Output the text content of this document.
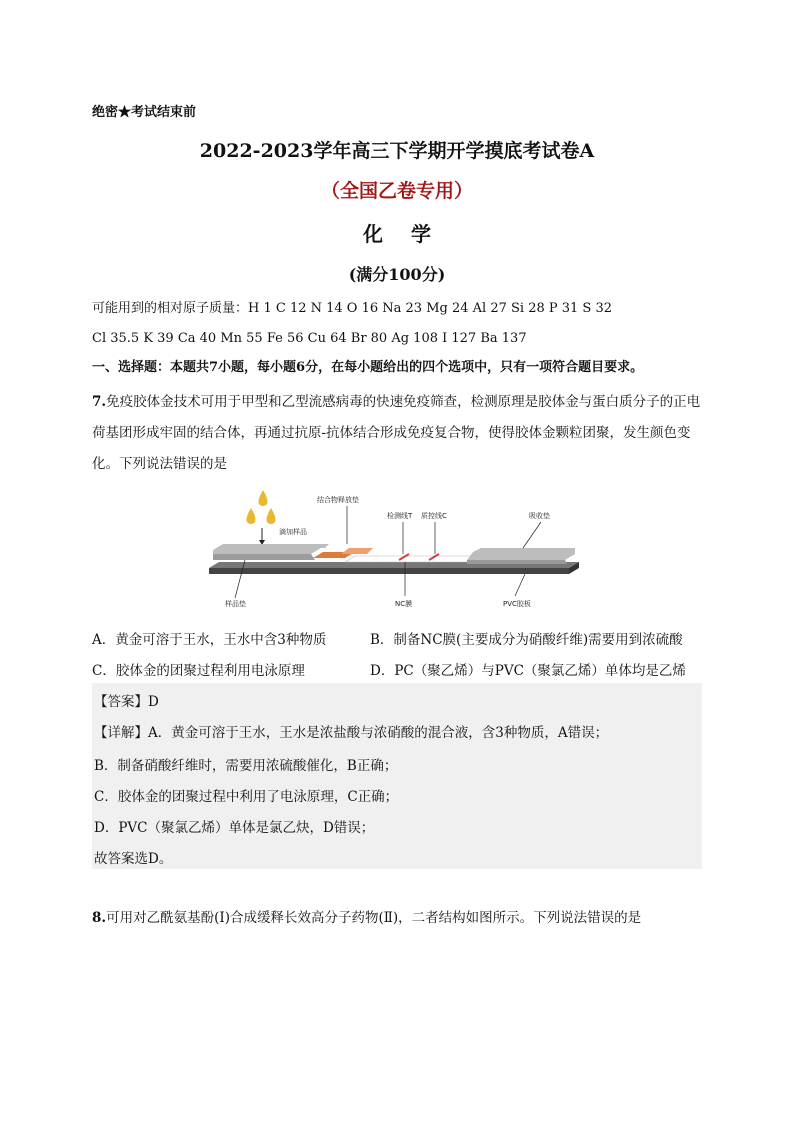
绝密★考试结束前
2022-2023学年高三下学期开学摸底考试卷A
（全国乙卷专用）
化学
(满分100分)
可能用到的相对原子质量：H 1 C 12 N 14 O 16 Na 23 Mg 24 Al 27 Si 28 P 31 S 32
Cl 35.5 K 39 Ca 40 Mn 55 Fe 56 Cu 64 Br 80 Ag 108 I 127 Ba 137
一、选择题：本题共7小题，每小题6分，在每小题给出的四个选项中，只有一项符合题目要求。
7.免疫胶体金技术可用于甲型和乙型流感病毒的快速免疫筛查，检测原理是胶体金与蛋白质分子的正电荷基团形成牢固的结合体，再通过抗原-抗体结合形成免疫复合物，使得胶体金颗粒团聚，发生颜色变化。下列说法错误的是
滴加样品
结合物释放垫
检测线T 质控线C	吸收垫
样品垫	NC膜	PVC胶板
A．黄金可溶于王水，王水中含3种物质	B．制备NC膜(主要成分为硝酸纤维)需要用到浓硫酸
C．胶体金的团聚过程利用电泳原理	D．PC（聚乙烯）与PVC（聚氯乙烯）单体均是乙烯
【答案】D
【详解】A．黄金可溶于王水，王水是浓盐酸与浓硝酸的混合液，含3种物质，A错误；
B．制备硝酸纤维时，需要用浓硫酸催化，B正确；
C．胶体金的团聚过程中利用了电泳原理，C正确；
D．PVC（聚氯乙烯）单体是氯乙炔，D错误；
故答案选D。
8.可用对乙酰氨基酚(Ⅰ)合成缓释长效高分子药物(Ⅱ)，二者结构如图所示。下列说法错误的是
